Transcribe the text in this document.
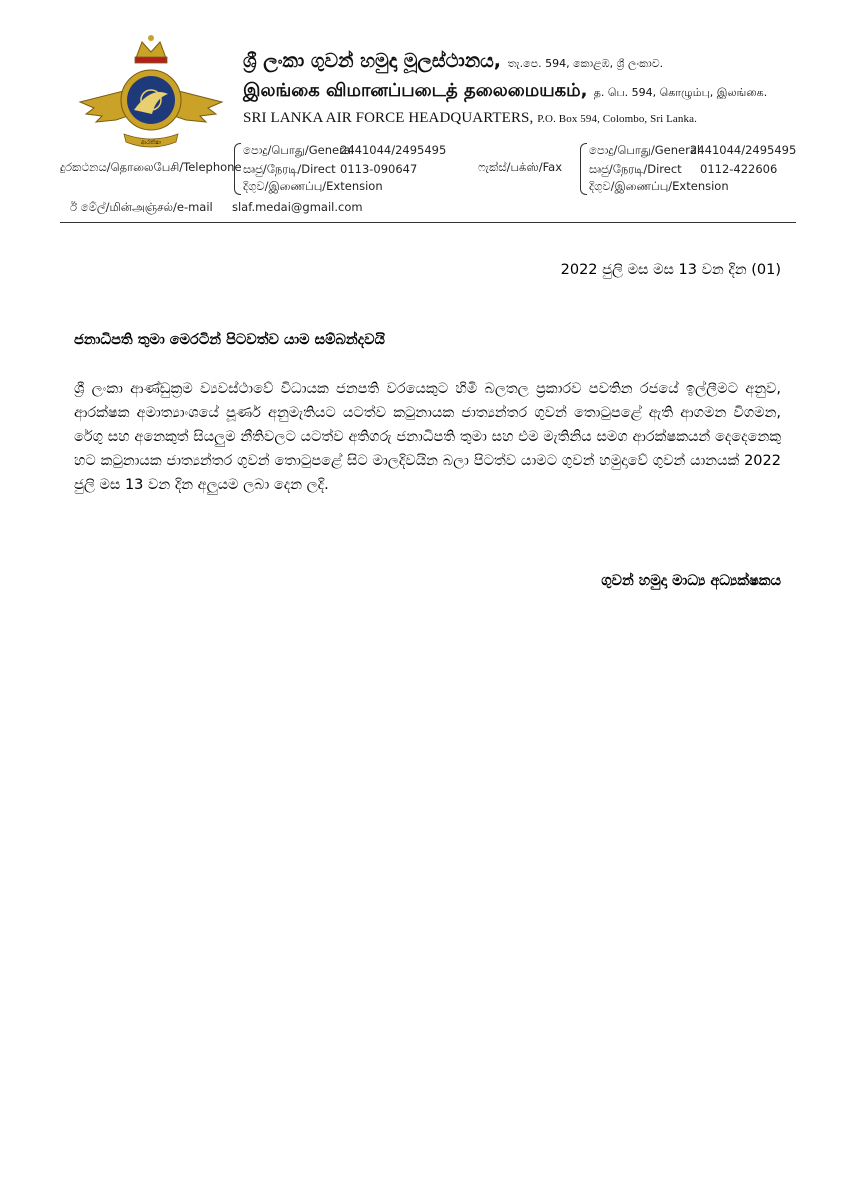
ආරක්ෂා
ශ්‍රී ලංකා ගුවන් හමුදා මූලස්ථානය, තැ.පෙ. 594, කොළඹ, ශ්‍රී ලංකාව.
இலங்கை விமானப்படைத் தலைமையகம், த. பெ. 594, கொழும்பு, இலங்கை.
SRI LANKA AIR FORCE HEADQUARTERS, P.O. Box 594, Colombo, Sri Lanka.
දුරකථනය/தொலைபேசி/Telephone
පොදු/பொது/General
2441044/2495495
සෘජු/நேரடி/Direct 0113-090647
දිගුව/இணைப்பு/Extension
ෆැක්ස්/பக்ஸ்/Fax
පොදු/பொது/General
2441044/2495495
සෘජු/நேரடி/Direct 0112-422606
දිගුව/இணைப்பு/Extension
ඊ මේල්/மின்அஞ்சல்/e-mail slaf.medai@gmail.com
2022 ජුලි මස මස 13 වන දින (01)
ජනාධිපති තුමා මෙරටින් පිටවත්ව යාම සම්බන්දවයි

ශ්‍රී ලංකා ආණ්ඩුක්‍රම ව්‍යවස්ථාවේ විධායක ජනපති වරයෙකුට හිමි බලතල ප්‍රකාරව පවතින රජයේ ඉල්ලීමට අනුව, ආරක්ෂක අමාත්‍යාංශයේ පූර්ණ අනුමැතියට යටත්ව කටුනායක ජාත්‍යන්තර ගුවන් තොටුපළේ ඇති ආගමන විගමන, රේගු සහ අනෙකුත් සියලුම නීතිවලට යටත්ව අතිගරු ජනාධිපති තුමා සහ එම මැතිනිය සමග ආරක්ෂකයන් දෙදෙනෙකු හට කටුනායක ජාත්‍යන්තර ගුවන් තොටුපළේ සිට මාලදිවයින බලා පිටත්ව යාමට ගුවන් හමුදාවේ ගුවන් යානයක් 2022 ජුලි මස 13 වන දින අලුයම ලබා දෙන ලදි.

ගුවන් හමුදා මාධ්‍ය අධ්‍යක්ෂකය
